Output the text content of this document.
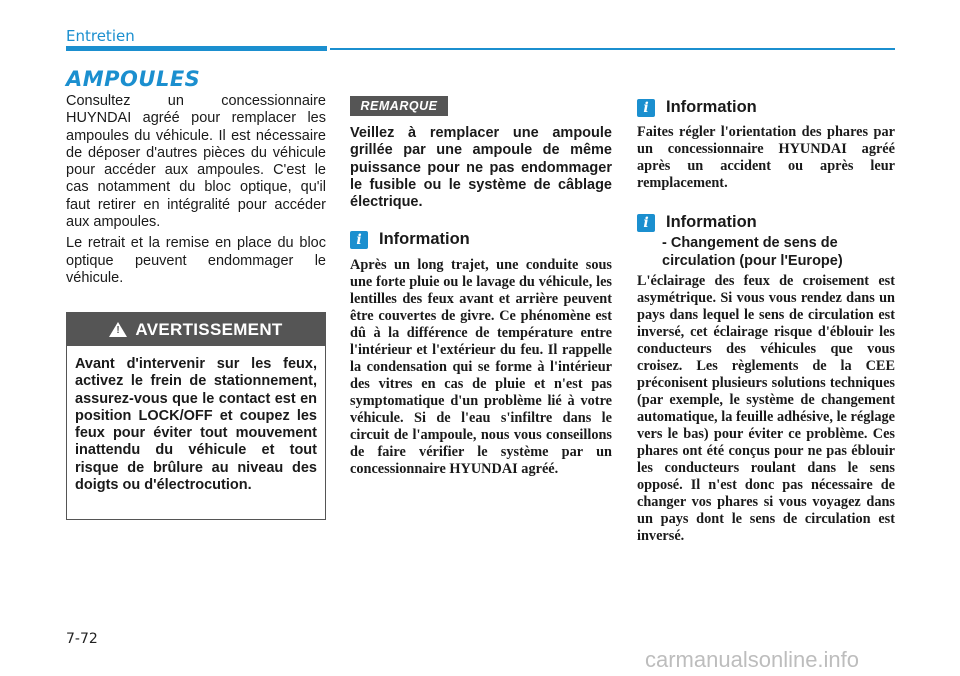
Entretien
AMPOULES

Consultez un concessionnaire HUYNDAI agréé pour remplacer les ampoules du véhicule. Il est nécessaire de déposer d'autres pièces du véhicule pour accéder aux ampoules. C'est le cas notamment du bloc optique, qu'il faut retirer en intégralité pour accéder aux ampoules.

Le retrait et la remise en place du bloc optique peuvent endommager le véhicule.

! AVERTISSEMENT
Avant d'intervenir sur les feux, activez le frein de stationnement, assurez-vous que le contact est en position LOCK/OFF et coupez les feux pour éviter tout mouvement inattendu du véhicule et tout risque de brûlure au niveau des doigts ou d'électrocution.
REMARQUE
Veillez à remplacer une ampoule grillée par une ampoule de même puissance pour ne pas endommager le fusible ou le système de câblage électrique.
i	Information
Après un long trajet, une conduite sous une forte pluie ou le lavage du véhicule, les lentilles des feux avant et arrière peuvent être couvertes de givre. Ce phénomène est dû à la différence de température entre l'intérieur et l'extérieur du feu. Il rappelle la condensation qui se forme à l'intérieur des vitres en cas de pluie et n'est pas symptomatique d'un problème lié à votre véhicule. Si de l'eau s'infiltre dans le circuit de l'ampoule, nous vous conseillons de faire vérifier le système par un concessionnaire HYUNDAI agréé.
i	Information
Faites régler l'orientation des phares par un concessionnaire HYUNDAI agréé après un accident ou après leur remplacement.
i	Information
- Changement de sens de circulation (pour l'Europe)
L'éclairage des feux de croisement est asymétrique. Si vous vous rendez dans un pays dans lequel le sens de circulation est inversé, cet éclairage risque d'éblouir les conducteurs des véhicules que vous croisez. Les règlements de la CEE préconisent plusieurs solutions techniques (par exemple, le système de changement automatique, la feuille adhésive, le réglage vers le bas) pour éviter ce problème. Ces phares ont été conçus pour ne pas éblouir les conducteurs roulant dans le sens opposé. Il n'est donc pas nécessaire de changer vos phares si vous voyagez dans un pays dont le sens de circulation est inversé.
7-72
carmanualsonline.info
